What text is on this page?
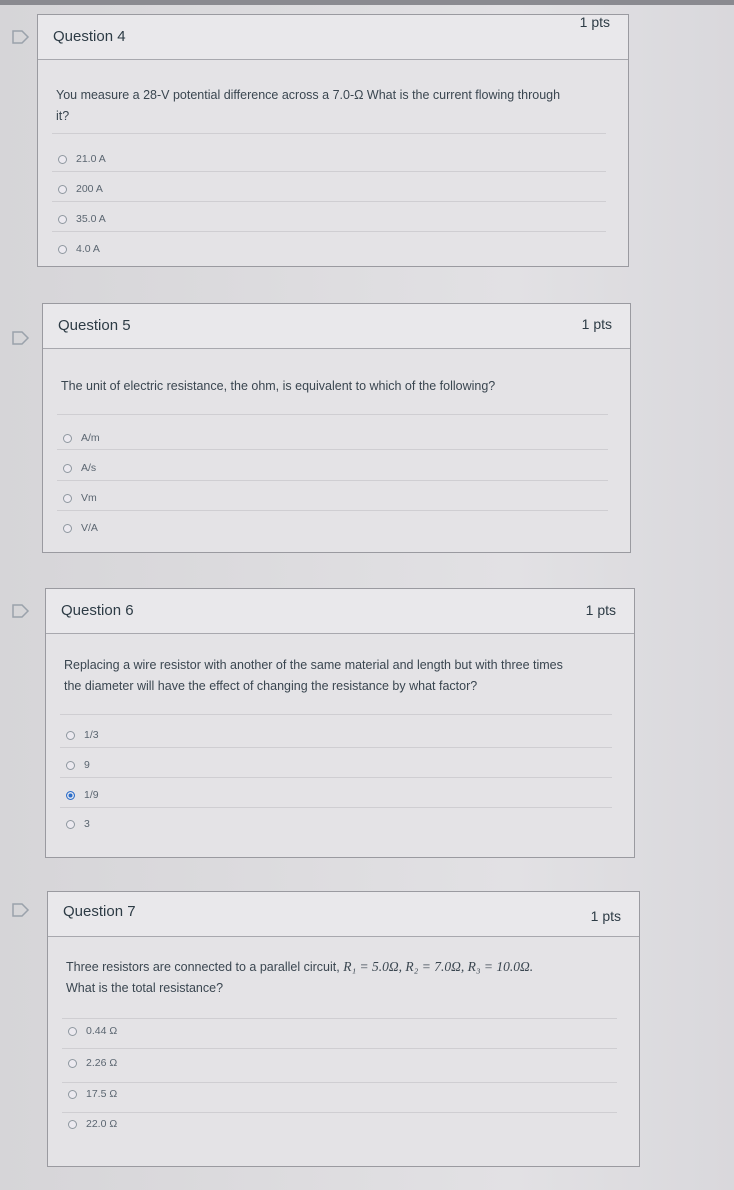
Question 4
1 pts
You measure a 28-V potential difference across a 7.0-Ω What is the current flowing through
it?
21.0 A
200 A
35.0 A
4.0 A
Question 5	1 pts
The unit of electric resistance, the ohm, is equivalent to which of the following?
A/m
A/s
Vm
V/A
Question 6	1 pts
Replacing a wire resistor with another of the same material and length but with three times
the diameter will have the effect of changing the resistance by what factor?
1/3
9
1/9
3
Question 7	1 pts
Three resistors are connected to a parallel circuit, R₁ = 5.0Ω, R₂ = 7.0Ω, R₃ = 10.0Ω.
What is the total resistance?
0.44 Ω
2.26 Ω
17.5 Ω
22.0 Ω
